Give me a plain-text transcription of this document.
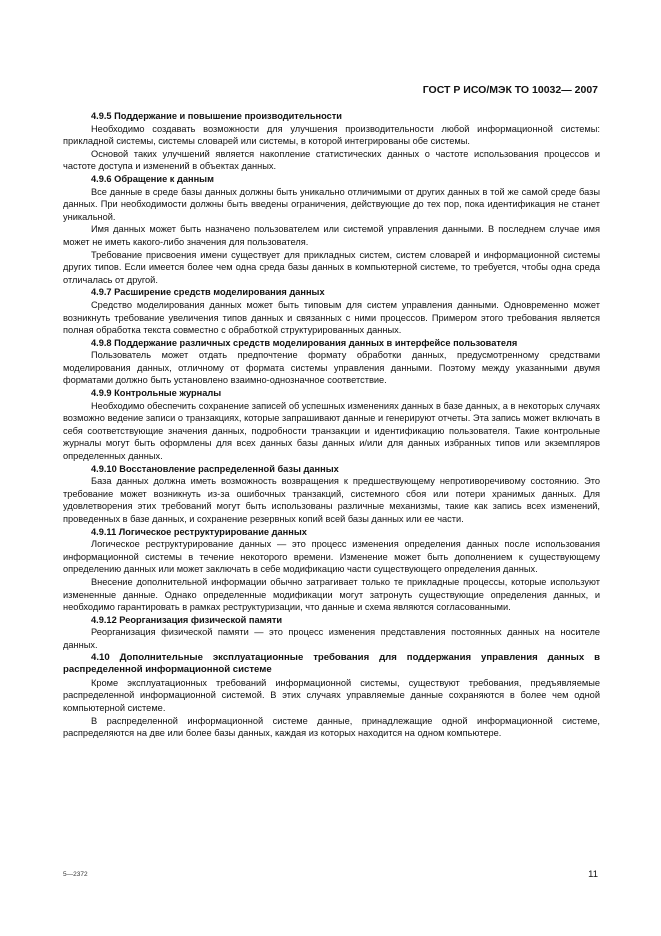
ГОСТ Р ИСО/МЭК ТО 10032— 2007
4.9.5 Поддержание и повышение производительности

Необходимо создавать возможности для улучшения производительности любой информационной системы: прикладной системы, системы словарей или системы, в которой интегрированы обе системы.

Основой таких улучшений является накопление статистических данных о частоте использования процессов и частоте доступа и изменений в объектах данных.

4.9.6 Обращение к данным

Все данные в среде базы данных должны быть уникально отличимыми от других данных в той же самой среде базы данных. При необходимости должны быть введены ограничения, действующие до тех пор, пока идентификация не станет уникальной.

Имя данных может быть назначено пользователем или системой управления данными. В последнем случае имя может не иметь какого-либо значения для пользователя.

Требование присвоения имени существует для прикладных систем, систем словарей и информационной системы других типов. Если имеется более чем одна среда базы данных в компьютерной системе, то требуется, чтобы одна среда отличалась от другой.

4.9.7 Расширение средств моделирования данных

Средство моделирования данных может быть типовым для систем управления данными. Одновременно может возникнуть требование увеличения типов данных и связанных с ними процессов. Примером этого требования является полная обработка текста совместно с обработкой структурированных данных.

4.9.8 Поддержание различных средств моделирования данных в интерфейсе пользователя

Пользователь может отдать предпочтение формату обработки данных, предусмотренному средствами моделирования данных, отличному от формата системы управления данными. Поэтому между указанными двумя форматами должно быть установлено взаимно-однозначное соответствие.

4.9.9 Контрольные журналы

Необходимо обеспечить сохранение записей об успешных изменениях данных в базе данных, а в некоторых случаях возможно ведение записи о транзакциях, которые запрашивают данные и генерируют отчеты. Эта запись может включать в себя соответствующие значения данных, подробности транзакции и идентификацию пользователя. Такие контрольные журналы могут быть оформлены для всех данных базы данных и/или для данных избранных типов или экземпляров определенных данных.

4.9.10 Восстановление распределенной базы данных

База данных должна иметь возможность возвращения к предшествующему непротиворечивому состоянию. Это требование может возникнуть из-за ошибочных транзакций, системного сбоя или потери хранимых данных. Для удовлетворения этих требований могут быть использованы различные механизмы, такие как запись всех изменений, проведенных в базе данных, и сохранение резервных копий всей базы данных или ее части.

4.9.11 Логическое реструктурирование данных

Логическое реструктурирование данных — это процесс изменения определения данных после использования информационной системы в течение некоторого времени. Изменение может быть дополнением к существующему определению данных или может заключать в себе модификацию части существующего определения данных.

Внесение дополнительной информации обычно затрагивает только те прикладные процессы, которые используют измененные данные. Однако определенные модификации могут затронуть существующие определения данных, и необходимо гарантировать в рамках реструктуризации, что данные и схема являются согласованными.

4.9.12 Реорганизация физической памяти

Реорганизация физической памяти — это процесс изменения представления постоянных данных на носителе данных.

4.10 Дополнительные эксплуатационные требования для поддержания управления данных в распределенной информационной системе

Кроме эксплуатационных требований информационной системы, существуют требования, предъявляемые распределенной информационной системой. В этих случаях управляемые данные сохраняются в более чем одной компьютерной системе.

В распределенной информационной системе данные, принадлежащие одной информационной системе, распределяются на две или более базы данных, каждая из которых находится на одном компьютере.

5—2372	11
